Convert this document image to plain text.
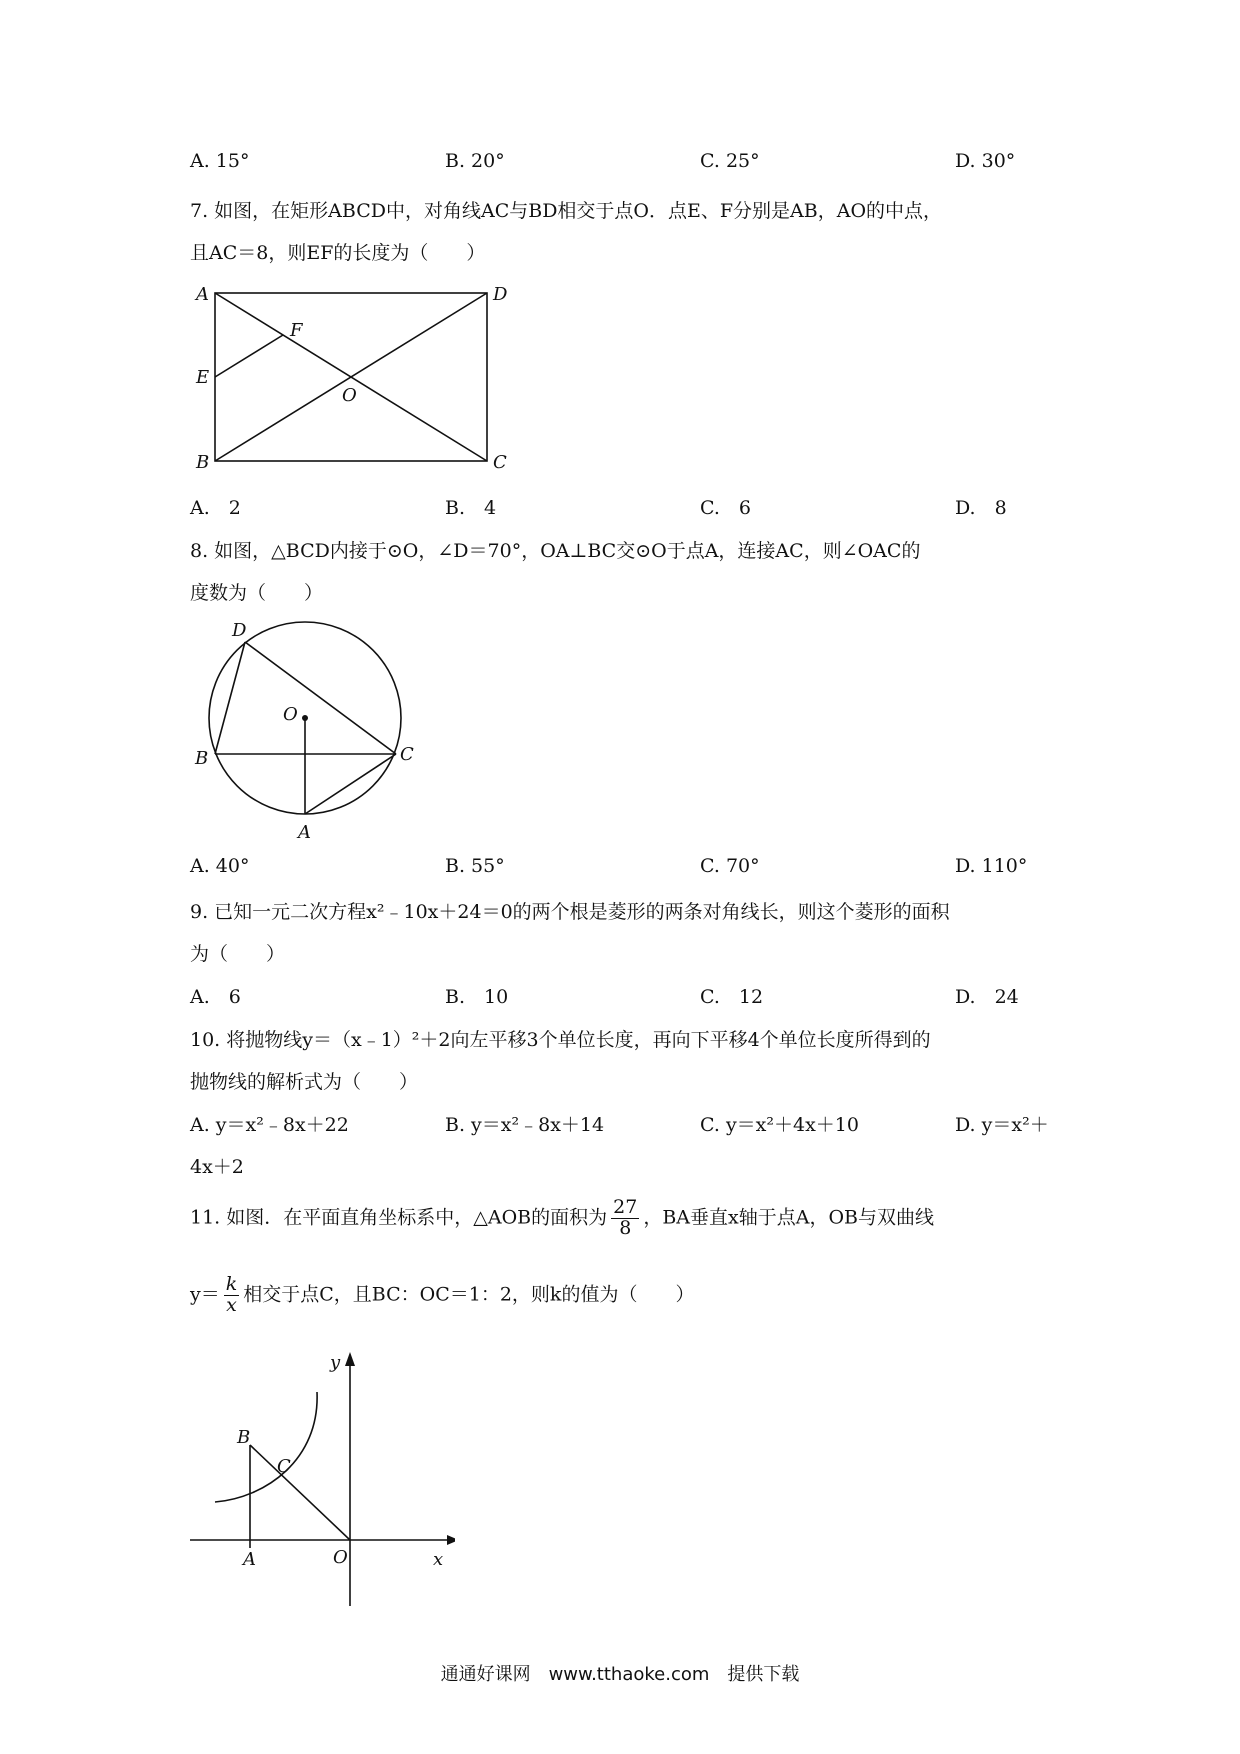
A. 15°	B. 20°	C. 25°	D. 30°
7. 如图，在矩形ABCD中，对角线AC与BD相交于点O．点E、F分别是AB，AO的中点，
且AC＝8，则EF的长度为（　　）
A	D
E
F
O
B	C
A.　2	B.　4	C.　6	D.　8
8. 如图，△BCD内接于⊙O，∠D＝70°，OA⊥BC交⊙O于点A，连接AC，则∠OAC的
度数为（　　）
D
O
B	C
A
A. 40°	B. 55°	C. 70°	D. 110°
9. 已知一元二次方程x²﹣10x＋24＝0的两个根是菱形的两条对角线长，则这个菱形的面积
为（　　）
A.　6	B.　10	C.　12	D.　24
10. 将抛物线y＝（x﹣1）²＋2向左平移3个单位长度，再向下平移4个单位长度所得到的
抛物线的解析式为（　　）
A. y＝x²﹣8x＋22	B. y＝x²﹣8x＋14	C. y＝x²＋4x＋10	D. y＝x²＋
4x＋2
11. 如图．在平面直角坐标系中，△AOB的面积为 $\frac{27}{8}$ ，BA垂直x轴于点A，OB与双曲线
$y= \frac{k}{x}$ 相交于点C，且BC：OC＝1：2，则k的值为（　　）
y
B
C
A	O	x
通通好课网　www.tthaoke.com　提供下载
